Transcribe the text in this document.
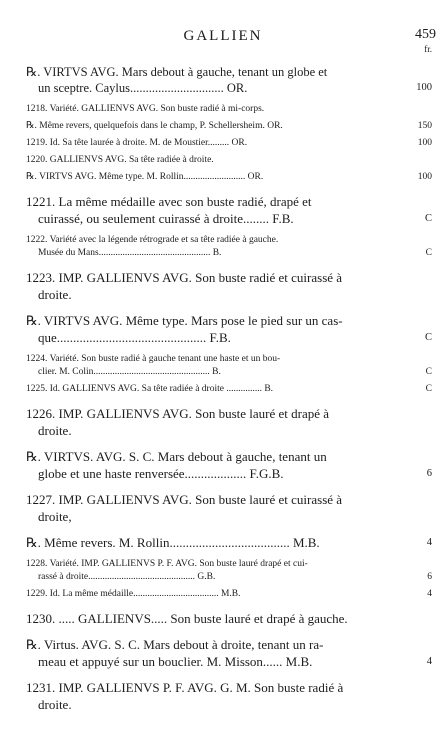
GALLIEN	459
fr.
℞. VIRTVS AVG. Mars debout à gauche, tenant un globe et
un sceptre. Caylus.............................. OR.	100
1218. Variété. GALLIENVS AVG. Son buste radié à mi-corps.
℞. Même revers, quelquefois dans le champ, P. Schellersheim. OR.	150
1219. Id. Sa tête laurée à droite. M. de Moustier......... OR.	100
1220. GALLIENVS AVG. Sa tête radiée à droite.
℞. VIRTVS AVG. Même type. M. Rollin.......................... OR.	100
1221. La même médaille avec son buste radié, drapé et
cuirassé, ou seulement cuirassé à droite........ F.B.	C
1222. Variété avec la légende rétrograde et sa tête radiée à gauche.
Musée du Mans............................................... B.	C
1223. IMP. GALLIENVS AVG. Son buste radié et cuirassé à
droite.
℞. VIRTVS AVG. Même type. Mars pose le pied sur un cas-
que.............................................. F.B.	C
1224. Variété. Son buste radié à gauche tenant une haste et un bou-
clier. M. Colin................................................. B.	C
1225. Id. GALLIENVS AVG. Sa tête radiée à droite ............... B.	C
1226. IMP. GALLIENVS AVG. Son buste lauré et drapé à
droite.
℞. VIRTVS. AVG. S. C. Mars debout à gauche, tenant un
globe et une haste renversée................... F.G.B.	6
1227. IMP. GALLIENVS AVG. Son buste lauré et cuirassé à
droite,
℞. Même revers. M. Rollin..................................... M.B.	4
1228. Variété. IMP. GALLIENVS P. F. AVG. Son buste lauré drapé et cui-
rassé à droite............................................. G.B.	6
1229. Id. La même médaille.................................... M.B.	4
1230. ..... GALLIENVS..... Son buste lauré et drapé à gauche.
℞. Virtus. AVG. S. C. Mars debout à droite, tenant un ra-
meau et appuyé sur un bouclier. M. Misson...... M.B.	4
1231. IMP. GALLIENVS P. F. AVG. G. M. Son buste radié à
droite.
